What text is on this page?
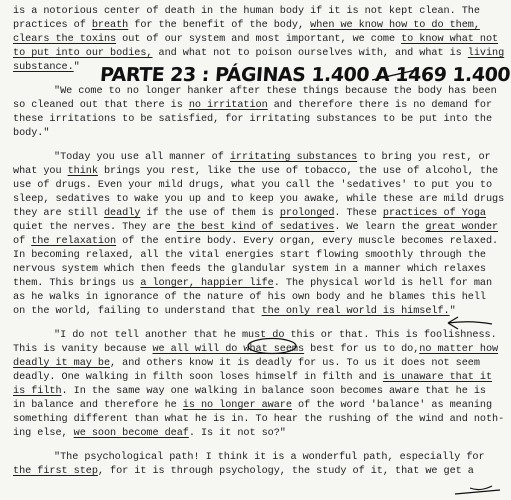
is a notorious center of death in the human body if it is not kept clean. The
practices of breath for the benefit of the body, when we know how to do them,
clears the toxins out of our system and most important, we come to know what not
to put into our bodies, and what not to poison ourselves with, and what is living
substance."
"We come to no longer hanker after these things because the body has been
so cleaned out that there is no irritation and therefore there is no demand for
these irritations to be satisfied, for irritating substances to be put into the
body."
"Today you use all manner of irritating substances to bring you rest, or
what you think brings you rest, like the use of tobacco, the use of alcohol, the
use of drugs. Even your mild drugs, what you call the 'sedatives' to put you to
sleep, sedatives to wake you up and to keep you awake, while these are mild drugs
they are still deadly if the use of them is prolonged. These practices of Yoga
quiet the nerves. They are the best kind of sedatives. We learn the great wonder
of the relaxation of the entire body. Every organ, every muscle becomes relaxed.
In becoming relaxed, all the vital energies start flowing smoothly through the
nervous system which then feeds the glandular system in a manner which relaxes
them. This brings us a longer, happier life. The physical world is hell for man
as he walks in ignorance of the nature of his own body and he blames this hell
on the world, failing to understand that the only real world is himself."
"I do not tell another that he must do this or that. This is foolishness.
This is vanity because we all will do what seems best for us to do,no matter how
deadly it may be, and others know it is deadly for us. To us it does not seem
deadly. One walking in filth soon loses himself in filth and is unaware that it
is filth. In the same way one walking in balance soon becomes aware that he is
in balance and therefore he is no longer aware of the word 'balance' as meaning
something different than what he is in. To hear the rushing of the wind and noth-
ing else, we soon become deaf. Is it not so?"
"The psychological path! I think it is a wonderful path, especially for
the first step, for it is through psychology, the study of it, that we get a
PARTE 23 : PÁGINAS 1.400 A 1469 1.400
